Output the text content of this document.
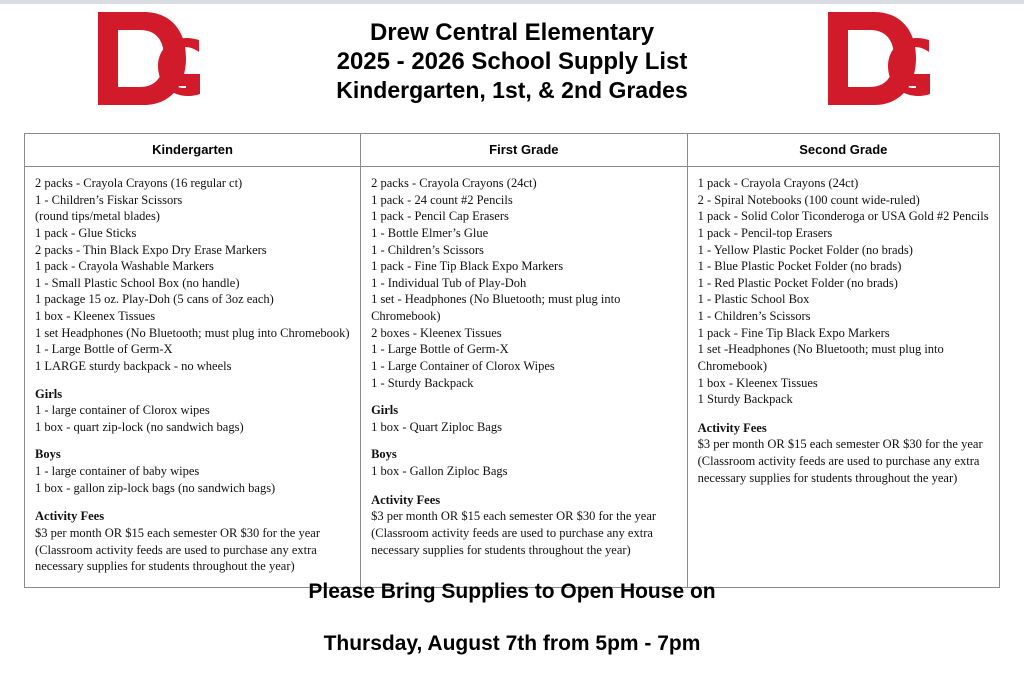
Drew Central Elementary
2025 - 2026 School Supply List
Kindergarten, 1st, & 2nd Grades
Kindergarten	First Grade	Second Grade

2 packs - Crayola Crayons (16 regular ct)
1 - Children’s Fiskar Scissors
(round tips/metal blades)
1 pack - Glue Sticks
2 packs - Thin Black Expo Dry Erase Markers
1 pack - Crayola Washable Markers
1 - Small Plastic School Box (no handle)
1 package 15 oz. Play-Doh (5 cans of 3oz each)
1 box - Kleenex Tissues
1 set Headphones (No Bluetooth; must plug into Chromebook)
1 - Large Bottle of Germ-X
1 LARGE sturdy backpack - no wheels
Girls
1 - large container of Clorox wipes
1 box - quart zip-lock (no sandwich bags)
Boys
1 - large container of baby wipes
1 box - gallon zip-lock bags (no sandwich bags)
Activity Fees
$3 per month OR $15 each semester OR $30 for the year
(Classroom activity feeds are used to purchase any extra necessary supplies for students throughout the year)

2 packs - Crayola Crayons (24ct)
1 pack - 24 count #2 Pencils
1 pack - Pencil Cap Erasers
1 - Bottle Elmer’s Glue
1 - Children’s Scissors
1 pack - Fine Tip Black Expo Markers
1 - Individual Tub of Play-Doh
1 set - Headphones (No Bluetooth; must plug into Chromebook)
2 boxes - Kleenex Tissues
1 - Large Bottle of Germ-X
1 - Large Container of Clorox Wipes
1 - Sturdy Backpack
Girls
1 box - Quart Ziploc Bags
Boys
1 box - Gallon Ziploc Bags
Activity Fees
$3 per month OR $15 each semester OR $30 for the year
(Classroom activity feeds are used to purchase any extra necessary supplies for students throughout the year)

1 pack - Crayola Crayons (24ct)
2 - Spiral Notebooks (100 count wide-ruled)
1 pack - Solid Color Ticonderoga or USA Gold #2 Pencils
1 pack - Pencil-top Erasers
1 - Yellow Plastic Pocket Folder (no brads)
1 - Blue Plastic Pocket Folder (no brads)
1 - Red Plastic Pocket Folder (no brads)
1 - Plastic School Box
1 - Children’s Scissors
1 pack - Fine Tip Black Expo Markers
1 set -Headphones (No Bluetooth; must plug into Chromebook)
1 box - Kleenex Tissues
1 Sturdy Backpack
Activity Fees
$3 per month OR $15 each semester OR $30 for the year
(Classroom activity feeds are used to purchase any extra necessary supplies for students throughout the year)
Please Bring Supplies to Open House on
Thursday, August 7th from 5pm - 7pm
